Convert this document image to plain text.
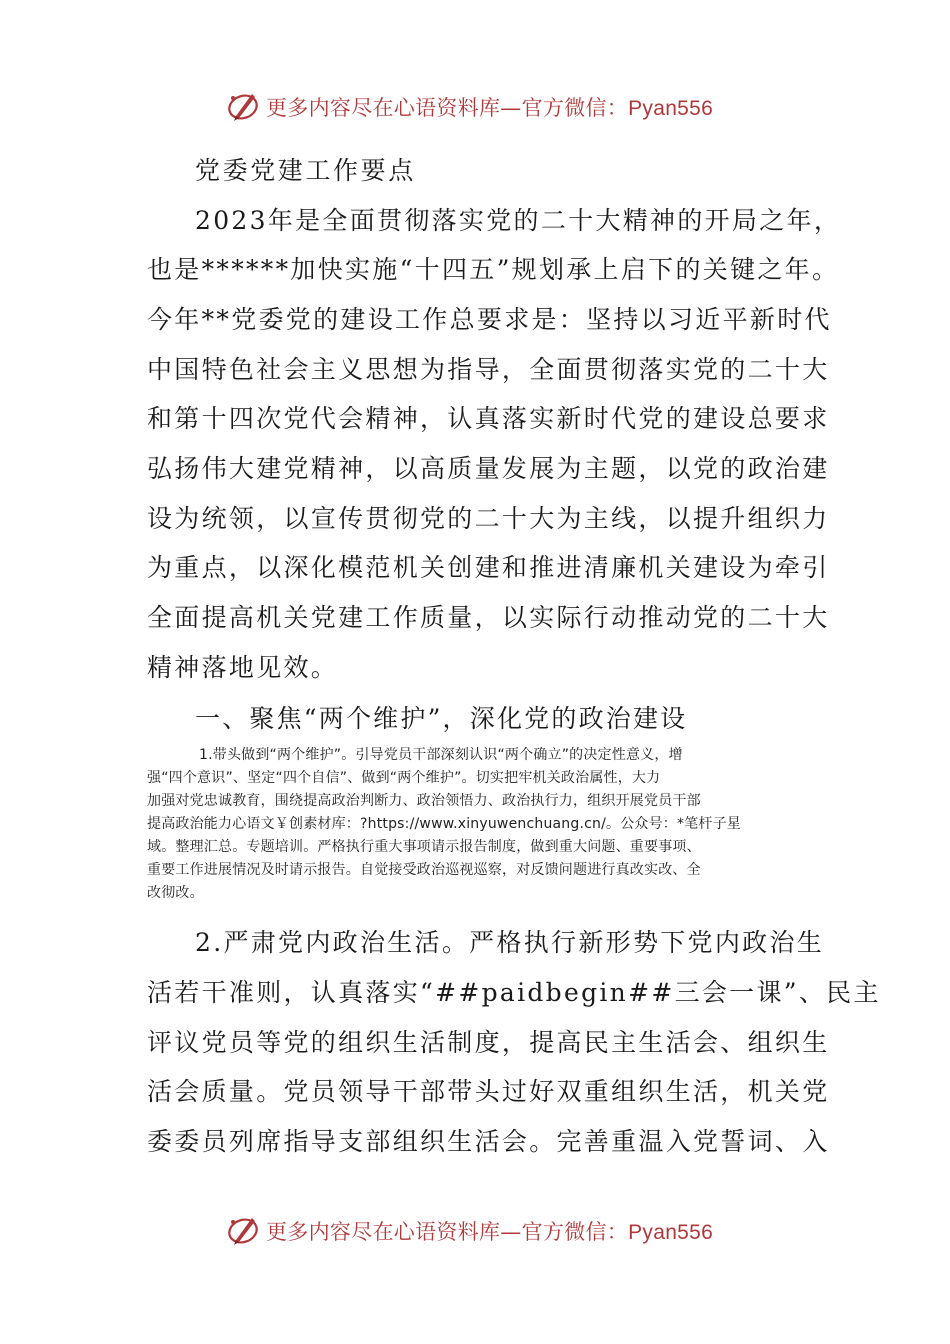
更多内容尽在心语资料库—官方微信：Pyan556
党委党建工作要点
2023年是全面贯彻落实党的二十大精神的开局之年，
也是******加快实施“十四五”规划承上启下的关键之年。
今年**党委党的建设工作总要求是：坚持以习近平新时代
中国特色社会主义思想为指导，全面贯彻落实党的二十大
和第十四次党代会精神，认真落实新时代党的建设总要求
弘扬伟大建党精神，以高质量发展为主题，以党的政治建
设为统领，以宣传贯彻党的二十大为主线，以提升组织力
为重点，以深化模范机关创建和推进清廉机关建设为牵引
全面提高机关党建工作质量，以实际行动推动党的二十大
精神落地见效。
一、聚焦“两个维护”，深化党的政治建设
1.带头做到“两个维护”。引导党员干部深刻认识“两个确立”的决定性意义，增
强“四个意识”、坚定“四个自信”、做到“两个维护”。切实把牢机关政治属性，大力
加强对党忠诚教育，围绕提高政治判断力、政治领悟力、政治执行力，组织开展党员干部
提高政治能力心语文￥创素材库：?https://www.xinyuwenchuang.cn/。公众号：*笔杆子星
域。整理汇总。专题培训。严格执行重大事项请示报告制度，做到重大问题、重要事项、
重要工作进展情况及时请示报告。自觉接受政治巡视巡察，对反馈问题进行真改实改、全
改彻改。
2.严肃党内政治生活。严格执行新形势下党内政治生
活若干准则，认真落实“##paidbegin##三会一课”、民主
评议党员等党的组织生活制度，提高民主生活会、组织生
活会质量。党员领导干部带头过好双重组织生活，机关党
委委员列席指导支部组织生活会。完善重温入党誓词、入
更多内容尽在心语资料库—官方微信：Pyan556
